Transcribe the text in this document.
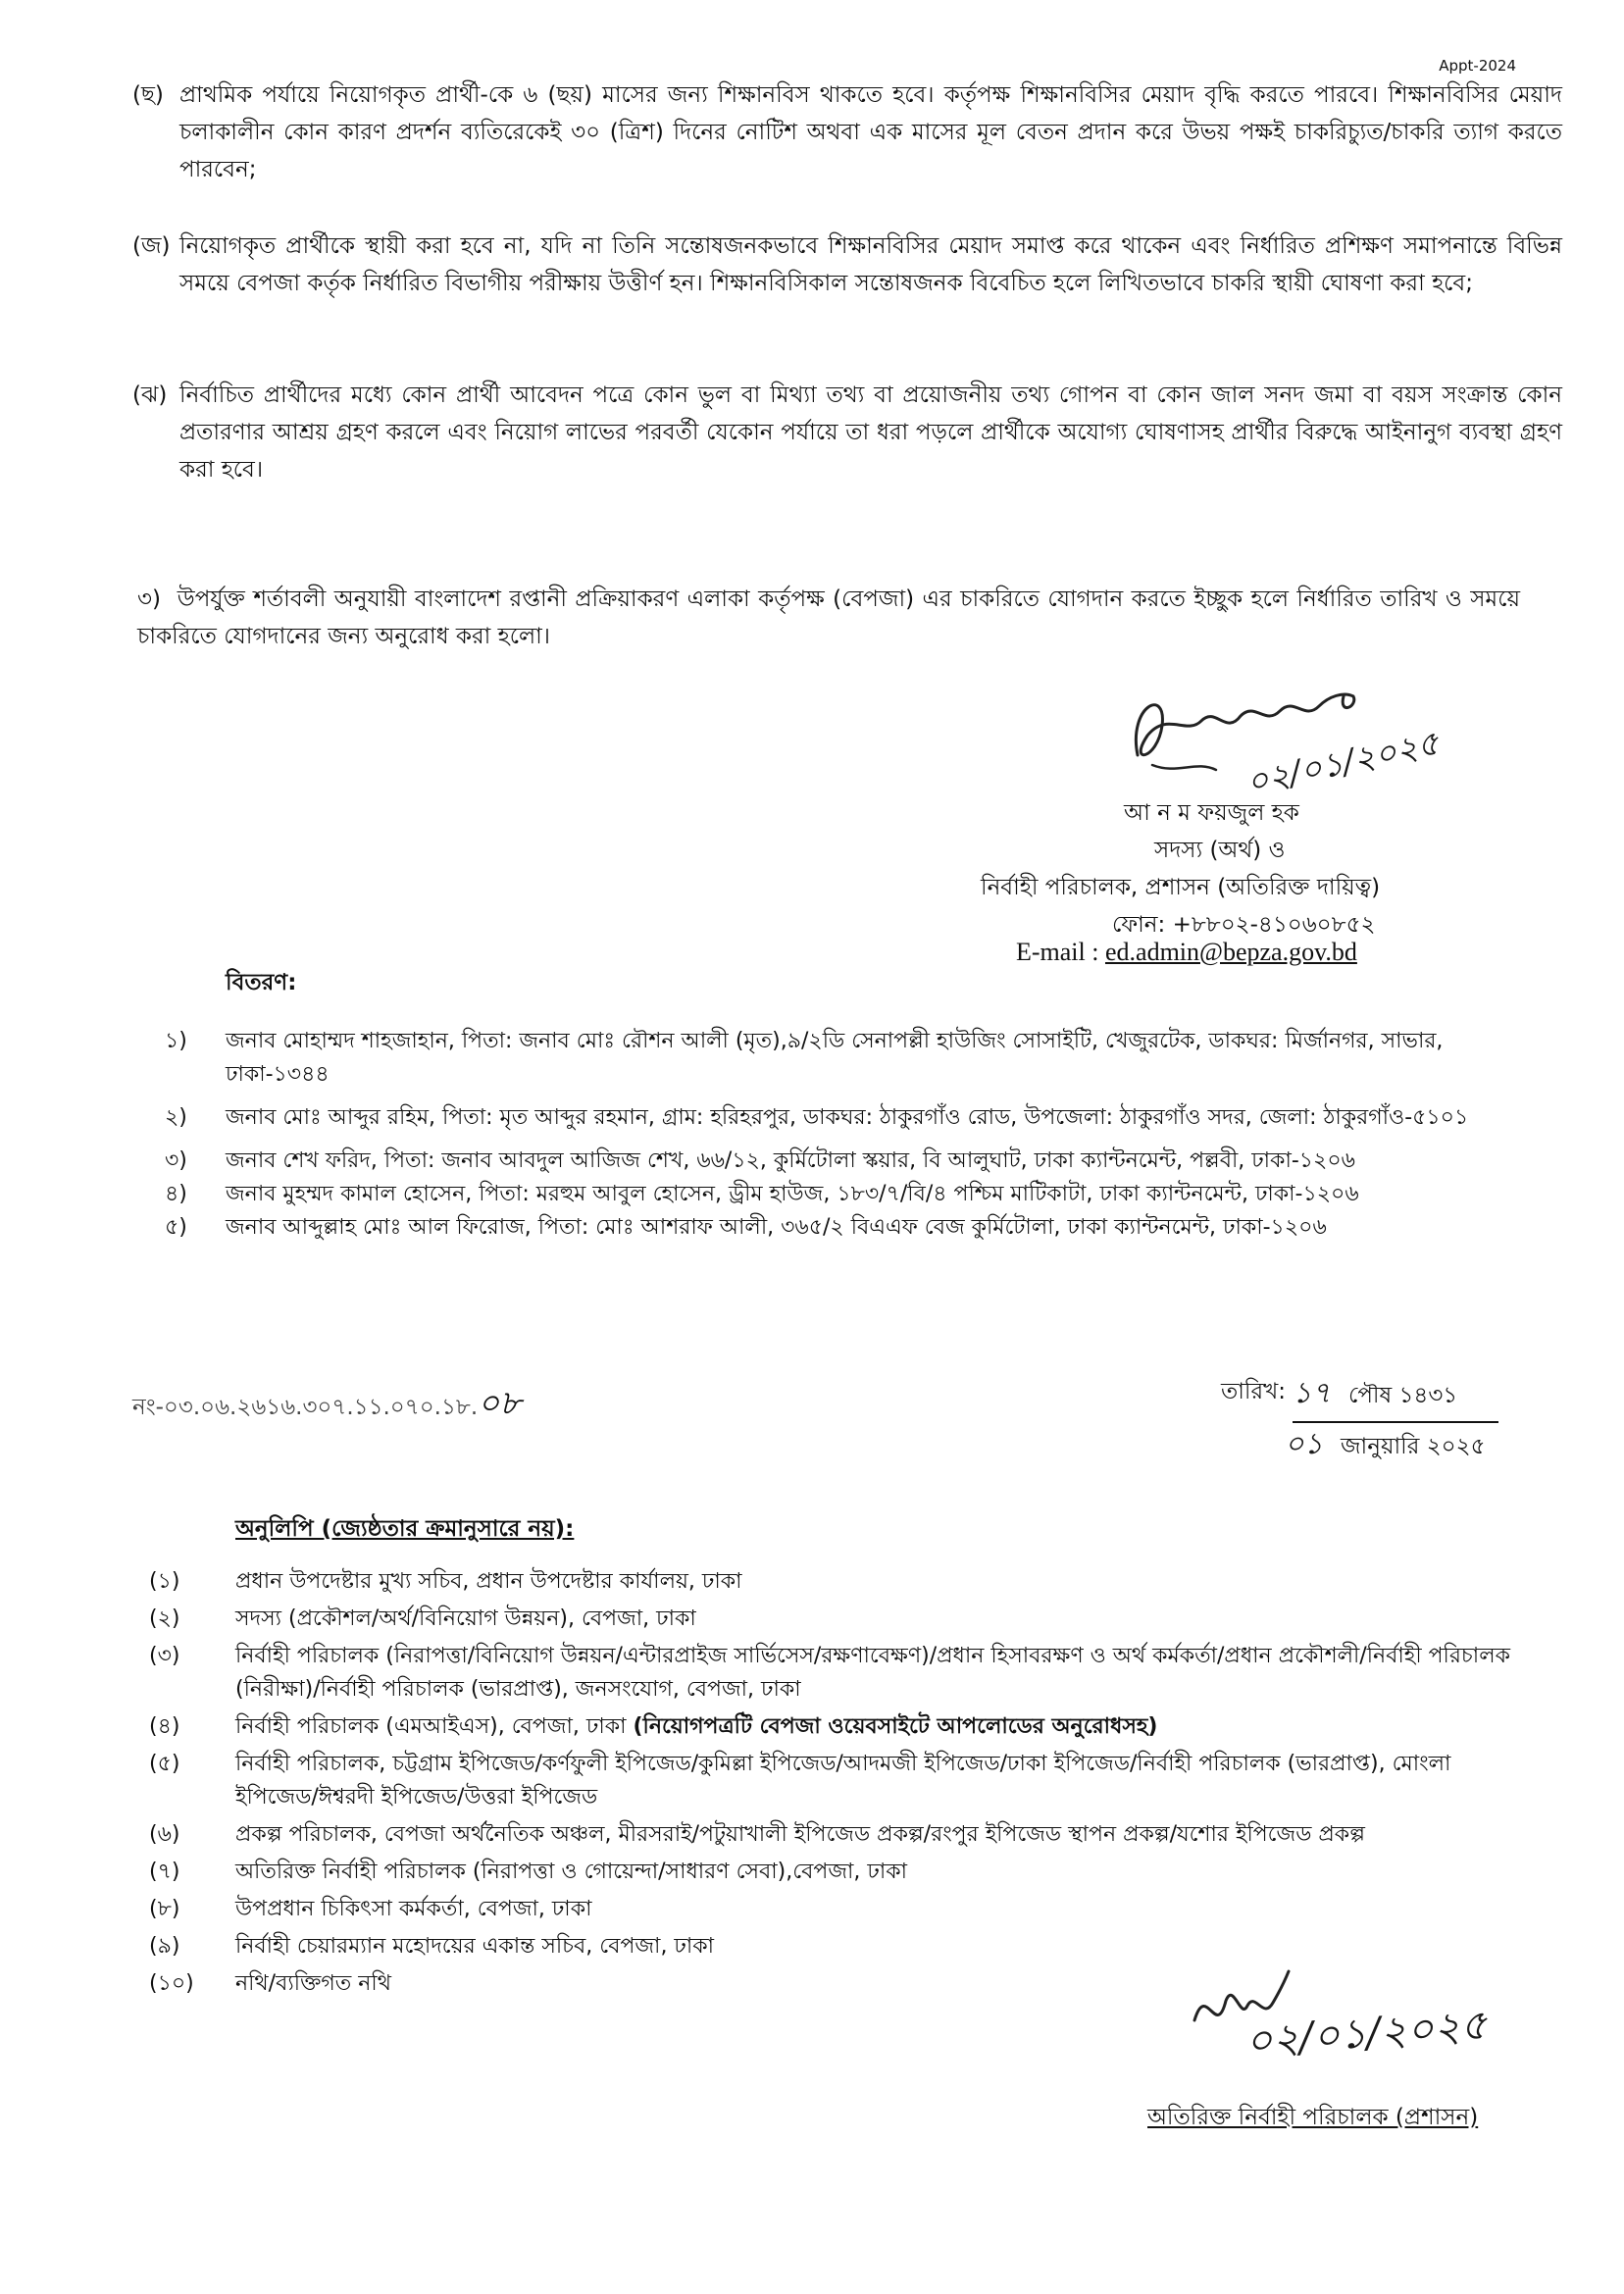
Appt-2024
(ছ) প্রাথমিক পর্যায়ে নিয়োগকৃত প্রার্থী-কে ৬ (ছয়) মাসের জন্য শিক্ষানবিস থাকতে হবে। কর্তৃপক্ষ শিক্ষানবিসির মেয়াদ বৃদ্ধি করতে পারবে। শিক্ষানবিসির মেয়াদ চলাকালীন কোন কারণ প্রদর্শন ব্যতিরেকেই ৩০ (ত্রিশ) দিনের নোটিশ অথবা এক মাসের মূল বেতন প্রদান করে উভয় পক্ষই চাকরিচ্যুত/চাকরি ত্যাগ করতে পারবেন;
(জ) নিয়োগকৃত প্রার্থীকে স্থায়ী করা হবে না, যদি না তিনি সন্তোষজনকভাবে শিক্ষানবিসির মেয়াদ সমাপ্ত করে থাকেন এবং নির্ধারিত প্রশিক্ষণ সমাপনান্তে বিভিন্ন সময়ে বেপজা কর্তৃক নির্ধারিত বিভাগীয় পরীক্ষায় উত্তীর্ণ হন। শিক্ষানবিসিকাল সন্তোষজনক বিবেচিত হলে লিখিতভাবে চাকরি স্থায়ী ঘোষণা করা হবে;
(ঝ) নির্বাচিত প্রার্থীদের মধ্যে কোন প্রার্থী আবেদন পত্রে কোন ভুল বা মিথ্যা তথ্য বা প্রয়োজনীয় তথ্য গোপন বা কোন জাল সনদ জমা বা বয়স সংক্রান্ত কোন প্রতারণার আশ্রয় গ্রহণ করলে এবং নিয়োগ লাভের পরবর্তী যেকোন পর্যায়ে তা ধরা পড়লে প্রার্থীকে অযোগ্য ঘোষণাসহ প্রার্থীর বিরুদ্ধে আইনানুগ ব্যবস্থা গ্রহণ করা হবে।
৩) উপর্যুক্ত শর্তাবলী অনুযায়ী বাংলাদেশ রপ্তানী প্রক্রিয়াকরণ এলাকা কর্তৃপক্ষ (বেপজা) এর চাকরিতে যোগদান করতে ইচ্ছুক হলে নির্ধারিত তারিখ ও সময়ে চাকরিতে যোগদানের জন্য অনুরোধ করা হলো।
০২/০১/২০২৫
আ ন ম ফয়জুল হক
সদস্য (অর্থ) ও
নির্বাহী পরিচালক, প্রশাসন (অতিরিক্ত দায়িত্ব)
ফোন: +৮৮০২-৪১০৬০৮৫২
E-mail : ed.admin@bepza.gov.bd
বিতরণ:
১) জনাব মোহাম্মদ শাহজাহান, পিতা: জনাব মোঃ রৌশন আলী (মৃত),৯/২ডি সেনাপল্লী হাউজিং সোসাইটি, খেজুরটেক, ডাকঘর: মির্জানগর, সাভার, ঢাকা-১৩৪৪
২) জনাব মোঃ আব্দুর রহিম, পিতা: মৃত আব্দুর রহমান, গ্রাম: হরিহরপুর, ডাকঘর: ঠাকুরগাঁও রোড, উপজেলা: ঠাকুরগাঁও সদর, জেলা: ঠাকুরগাঁও-৫১০১
৩) জনাব শেখ ফরিদ, পিতা: জনাব আবদুল আজিজ শেখ, ৬৬/১২, কুর্মিটোলা স্কয়ার, বি আলুঘাট, ঢাকা ক্যান্টনমেন্ট, পল্লবী, ঢাকা-১২০৬
৪) জনাব মুহম্মদ কামাল হোসেন, পিতা: মরহুম আবুল হোসেন, ড্রীম হাউজ, ১৮৩/৭/বি/৪ পশ্চিম মাটিকাটা, ঢাকা ক্যান্টনমেন্ট, ঢাকা-১২০৬
৫) জনাব আব্দুল্লাহ মোঃ আল ফিরোজ, পিতা: মোঃ আশরাফ আলী, ৩৬৫/২ বিএএফ বেজ কুর্মিটোলা, ঢাকা ক্যান্টনমেন্ট, ঢাকা-১২০৬
নং-০৩.০৬.২৬১৬.৩০৭.১১.০৭০.১৮.০৮	তারিখ: ১৭ পৌষ ১৪৩১
০১ জানুয়ারি ২০২৫
অনুলিপি (জ্যেষ্ঠতার ক্রমানুসারে নয়):
(১)	প্রধান উপদেষ্টার মুখ্য সচিব, প্রধান উপদেষ্টার কার্যালয়, ঢাকা
(২)	সদস্য (প্রকৌশল/অর্থ/বিনিয়োগ উন্নয়ন), বেপজা, ঢাকা
(৩)	নির্বাহী পরিচালক (নিরাপত্তা/বিনিয়োগ উন্নয়ন/এন্টারপ্রাইজ সার্ভিসেস/রক্ষণাবেক্ষণ)/প্রধান হিসাবরক্ষণ ও অর্থ কর্মকর্তা/প্রধান প্রকৌশলী/নির্বাহী পরিচালক (নিরীক্ষা)/নির্বাহী পরিচালক (ভারপ্রাপ্ত), জনসংযোগ, বেপজা, ঢাকা
(৪)	নির্বাহী পরিচালক (এমআইএস), বেপজা, ঢাকা (নিয়োগপত্রটি বেপজা ওয়েবসাইটে আপলোডের অনুরোধসহ)
(৫)	নির্বাহী পরিচালক, চট্টগ্রাম ইপিজেড/কর্ণফুলী ইপিজেড/কুমিল্লা ইপিজেড/আদমজী ইপিজেড/ঢাকা ইপিজেড/নির্বাহী পরিচালক (ভারপ্রাপ্ত), মোংলা ইপিজেড/ঈশ্বরদী ইপিজেড/উত্তরা ইপিজেড
(৬)	প্রকল্প পরিচালক, বেপজা অর্থনৈতিক অঞ্চল, মীরসরাই/পটুয়াখালী ইপিজেড প্রকল্প/রংপুর ইপিজেড স্থাপন প্রকল্প/যশোর ইপিজেড প্রকল্প
(৭)	অতিরিক্ত নির্বাহী পরিচালক (নিরাপত্তা ও গোয়েন্দা/সাধারণ সেবা),বেপজা, ঢাকা
(৮)	উপপ্রধান চিকিৎসা কর্মকর্তা, বেপজা, ঢাকা
(৯)	নির্বাহী চেয়ারম্যান মহোদয়ের একান্ত সচিব, বেপজা, ঢাকা
(১০) নথি/ব্যক্তিগত নথি
০২/০১/২০২৫
অতিরিক্ত নির্বাহী পরিচালক (প্রশাসন)
